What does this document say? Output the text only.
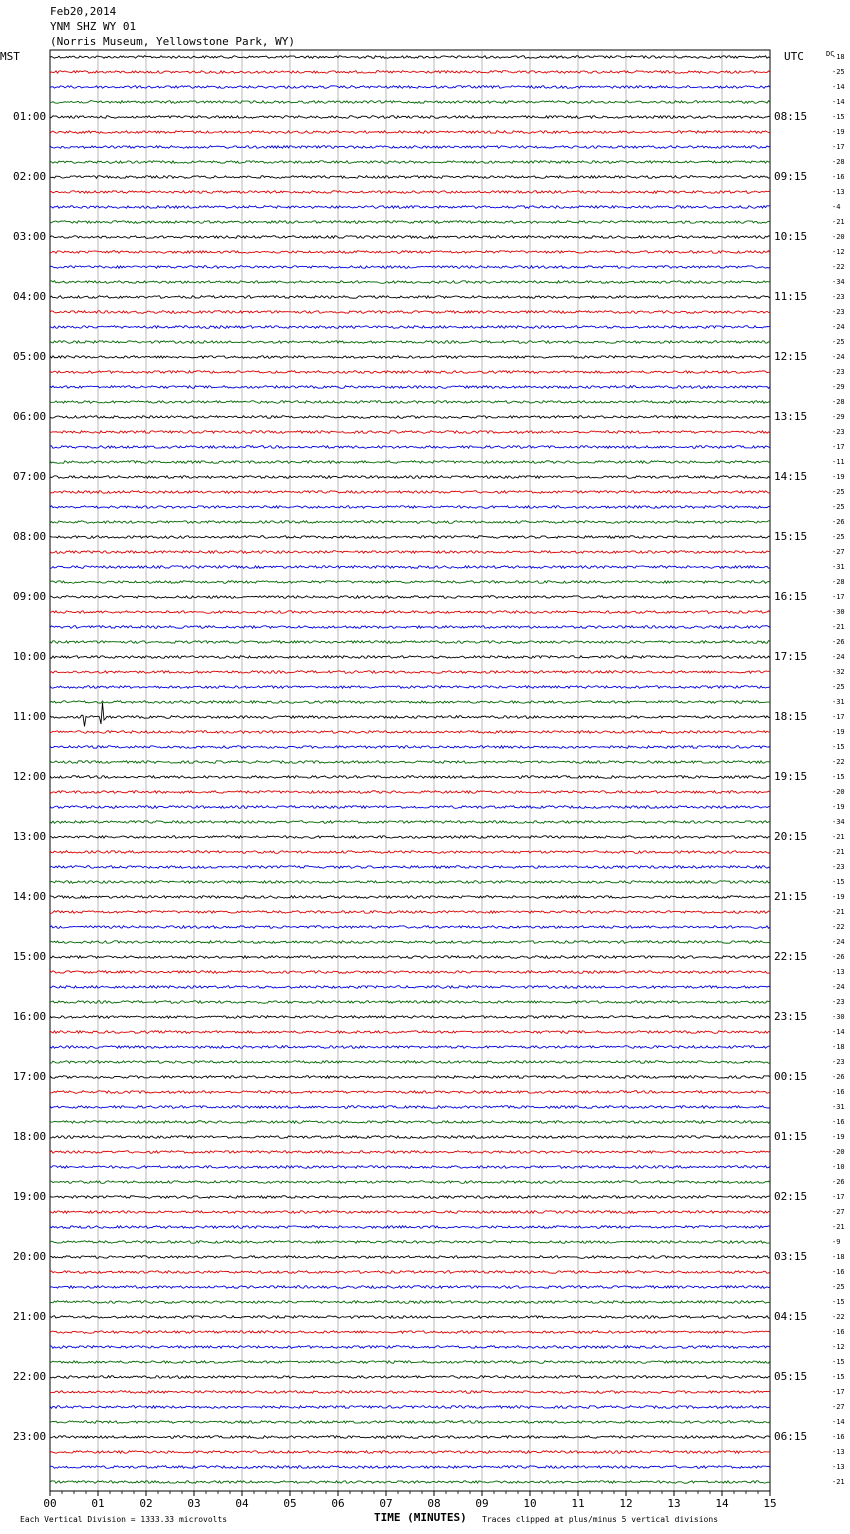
Feb20,2014
YNM SHZ WY 01
(Norris Museum, Yellowstone Park, WY)
MST	UTC	DC
01:00
02:00
03:00
04:00
05:00
06:00
07:00
08:00
09:00
10:00
11:00
12:00
13:00
14:00
15:00
16:00
17:00
18:00
19:00
20:00
21:00
22:00
23:00
08:15
09:15
10:15
11:15
12:15
13:15
14:15
15:15
16:15
17:15
18:15
19:15
20:15
21:15
22:15
23:15
00:15
01:15
02:15
03:15
04:15
05:15
06:15
-18
-25
-14
-14
-15
-19
-17
-28
-16
-13
-4
-21
-20
-12
-22
-34
-23
-23
-24
-25
-24
-23
-29
-28
-29
-23
-17
-11
-19
-25
-25
-26
-25
-27
-31
-28
-17
-30
-21
-26
-24
-32
-25
-31
-17
-19
-15
-22
-15
-20
-19
-34
-21
-21
-23
-15
-19
-21
-22
-24
-26
-13
-24
-23
-30
-14
-18
-23
-26
-16
-31
-16
-19
-20
-10
-26
-17
-27
-21
-9
-18
-16
-25
-15
-22
-16
-12
-15
-15
-17
-27
-14
-16
-13
-13
-21
00	01	02	03	04	05	06	07	08	09	10	11	12	13	14	15
Each Vertical Division = 1333.33 microvolts	TIME (MINUTES) Traces clipped at plus/minus 5 vertical divisions
